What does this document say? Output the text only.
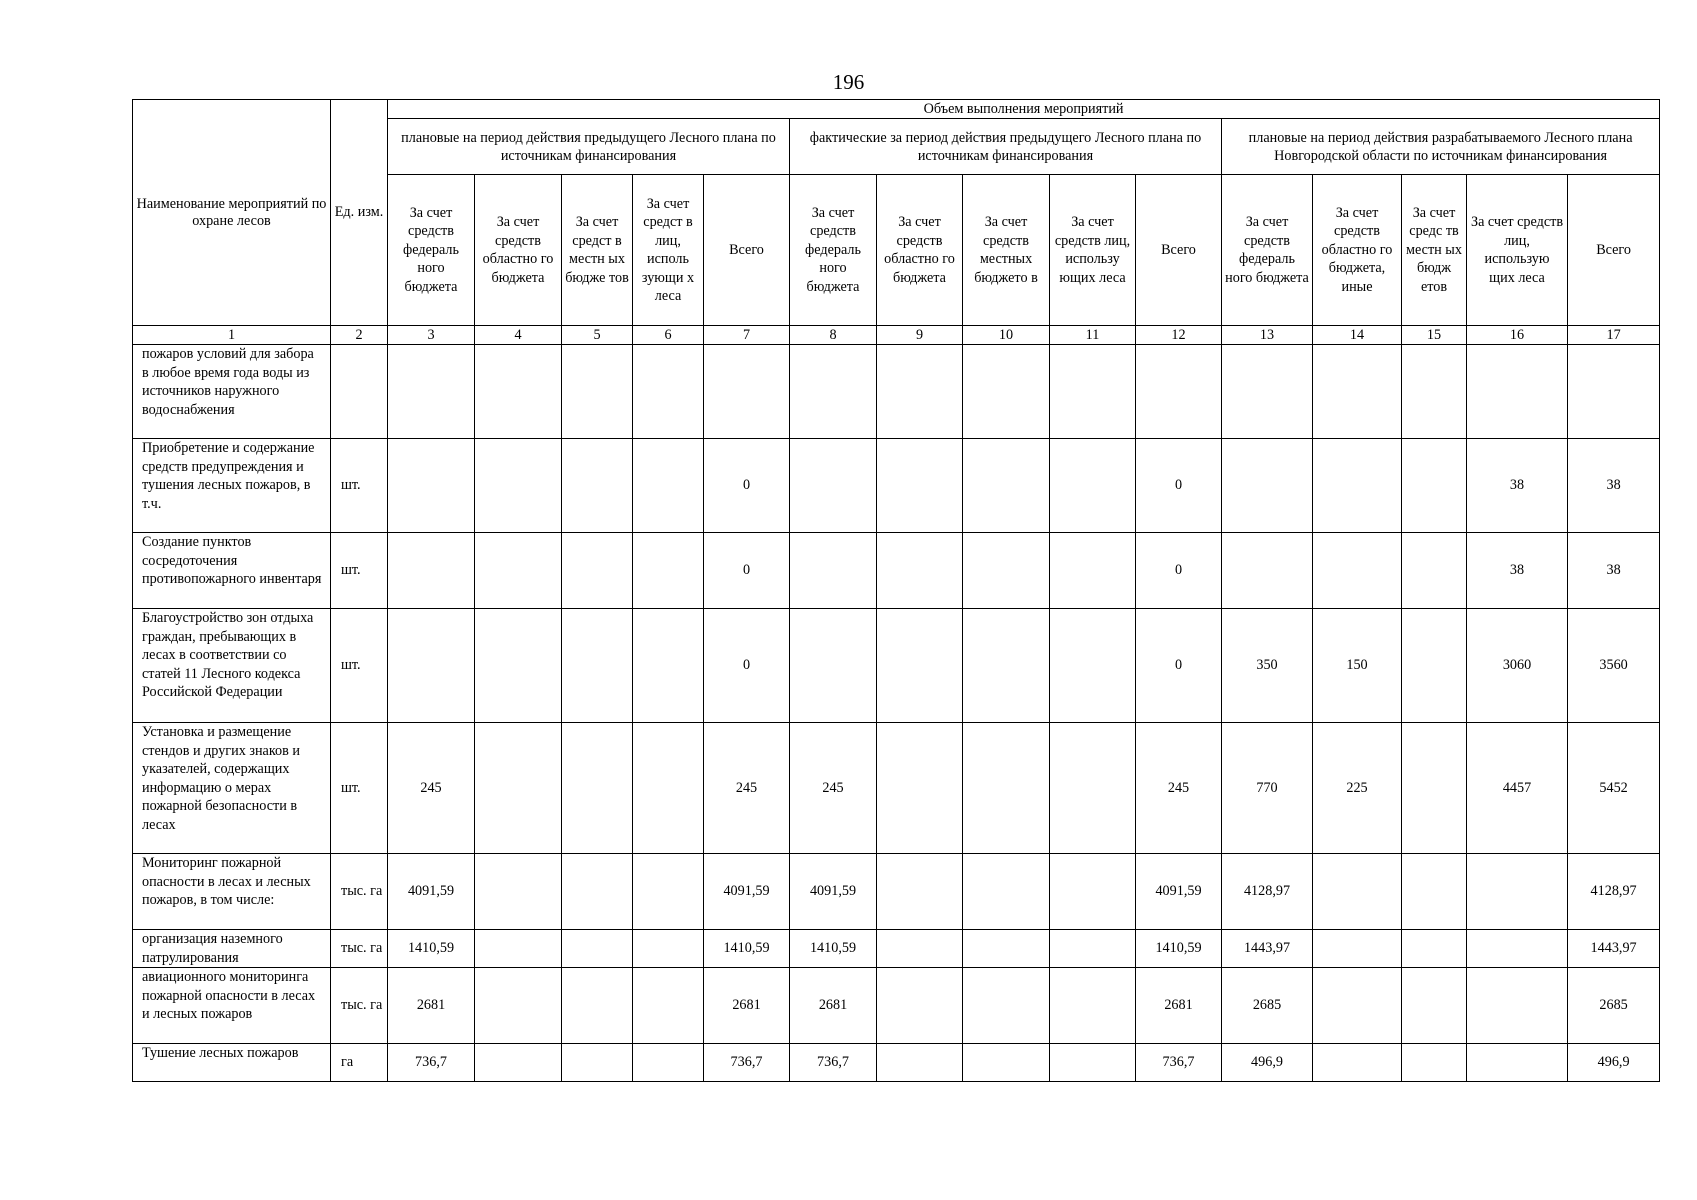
196
Наименование мероприятий по охране лесов	Ед. изм.	Объем выполнения мероприятий														
		плановые на период действия предыдущего Лесного плана по источникам финансирования					фактические за период действия предыдущего Лесного плана по источникам финансирования					плановые на период действия разрабатываемого Лесного плана Новгородской области по источникам финансирования				
		За счет средств федераль ного бюджета	За счет средств областно го бюджета	За счет средст в местн ых бюдже тов	За счет средст в лиц, исполь зующи х леса	Всего	За счет средств федераль ного бюджета	За счет средств областно го бюджета	За счет средств местных бюджето в	За счет средств лиц, использу ющих леса	Всего	За счет средств федераль ного бюджета	За счет средств областно го бюджета, иные	За счет средс тв местн ых бюдж етов	За счет средств лиц, использую щих леса	Всего
1	2	3	4	5	6	7	8	9	10	11	12	13	14	15	16	17
пожаров условий для забора в любое время года воды из источников наружного водоснабжения																
Приобретение и содержание средств предупреждения и тушения лесных пожаров, в т.ч.	шт.					0					0				38	38
Создание пунктов сосредоточения противопожарного инвентаря	шт.					0					0				38	38
Благоустройство зон отдыха граждан, пребывающих в лесах в соответствии со статей 11 Лесного кодекса Российской Федерации	шт.					0					0	350	150		3060	3560
Установка и размещение стендов и других знаков и указателей, содержащих информацию о мерах пожарной безопасности в лесах	шт.	245				245	245				245	770	225		4457	5452
Мониторинг пожарной опасности в лесах и лесных пожаров, в том числе:	тыс. га	4091,59				4091,59	4091,59				4091,59	4128,97				4128,97
организация наземного патрулирования	тыс. га	1410,59				1410,59	1410,59				1410,59	1443,97				1443,97
авиационного мониторинга пожарной опасности в лесах и лесных пожаров	тыс. га	2681				2681	2681				2681	2685				2685
Тушение лесных пожаров	га	736,7				736,7	736,7				736,7	496,9				496,9
